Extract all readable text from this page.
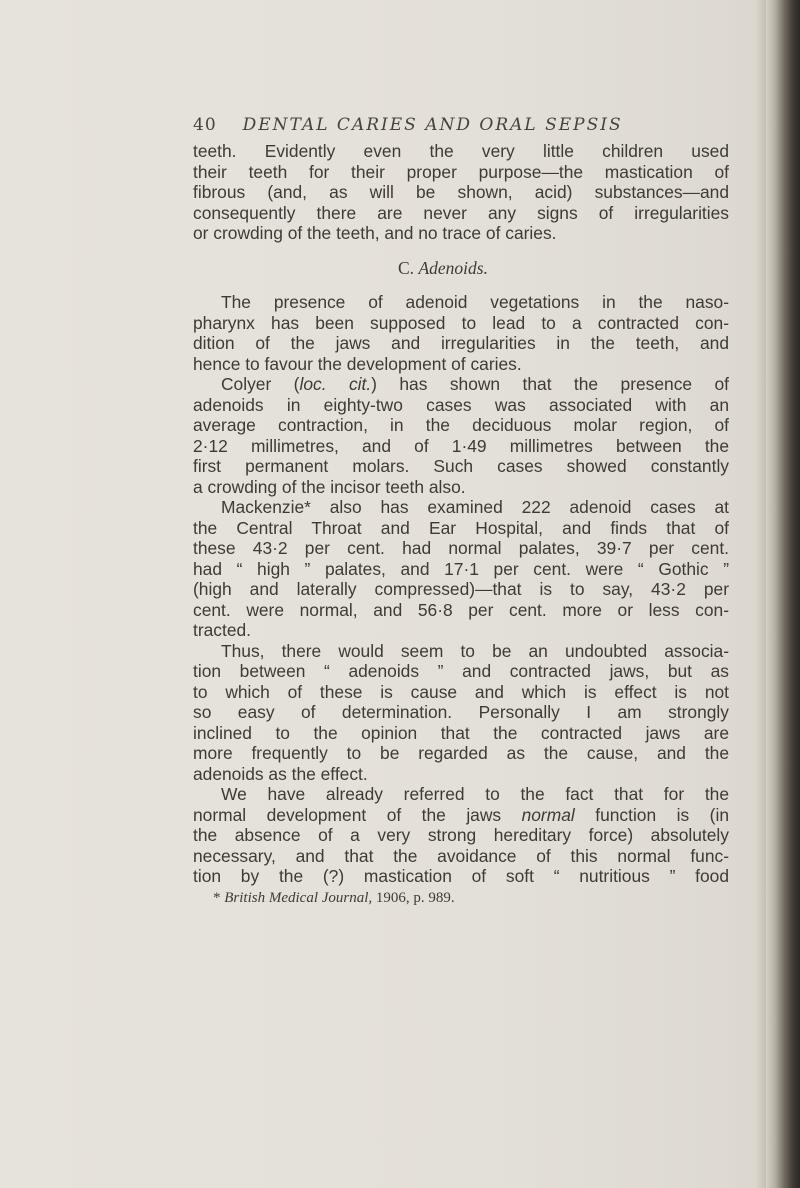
40 DENTAL CARIES AND ORAL SEPSIS
teeth. Evidently even the very little children used
their teeth for their proper purpose—the mastication of
fibrous (and, as will be shown, acid) substances—and
consequently there are never any signs of irregularities
or crowding of the teeth, and no trace of caries.
C. Adenoids.
The presence of adenoid vegetations in the naso-
pharynx has been supposed to lead to a contracted con-
dition of the jaws and irregularities in the teeth, and
hence to favour the development of caries.
Colyer (loc. cit.) has shown that the presence of
adenoids in eighty-two cases was associated with an
average contraction, in the deciduous molar region, of
2·12 millimetres, and of 1·49 millimetres between the
first permanent molars. Such cases showed constantly
a crowding of the incisor teeth also.
Mackenzie* also has examined 222 adenoid cases at
the Central Throat and Ear Hospital, and finds that of
these 43·2 per cent. had normal palates, 39·7 per cent.
had “ high ” palates, and 17·1 per cent. were “ Gothic ”
(high and laterally compressed)—that is to say, 43·2 per
cent. were normal, and 56·8 per cent. more or less con-
tracted.
Thus, there would seem to be an undoubted associa-
tion between “ adenoids ” and contracted jaws, but as
to which of these is cause and which is effect is not
so easy of determination. Personally I am strongly
inclined to the opinion that the contracted jaws are
more frequently to be regarded as the cause, and the
adenoids as the effect.
We have already referred to the fact that for the
normal development of the jaws normal function is (in
the absence of a very strong hereditary force) absolutely
necessary, and that the avoidance of this normal func-
tion by the (?) mastication of soft “ nutritious ” food
* British Medical Journal, 1906, p. 989.
